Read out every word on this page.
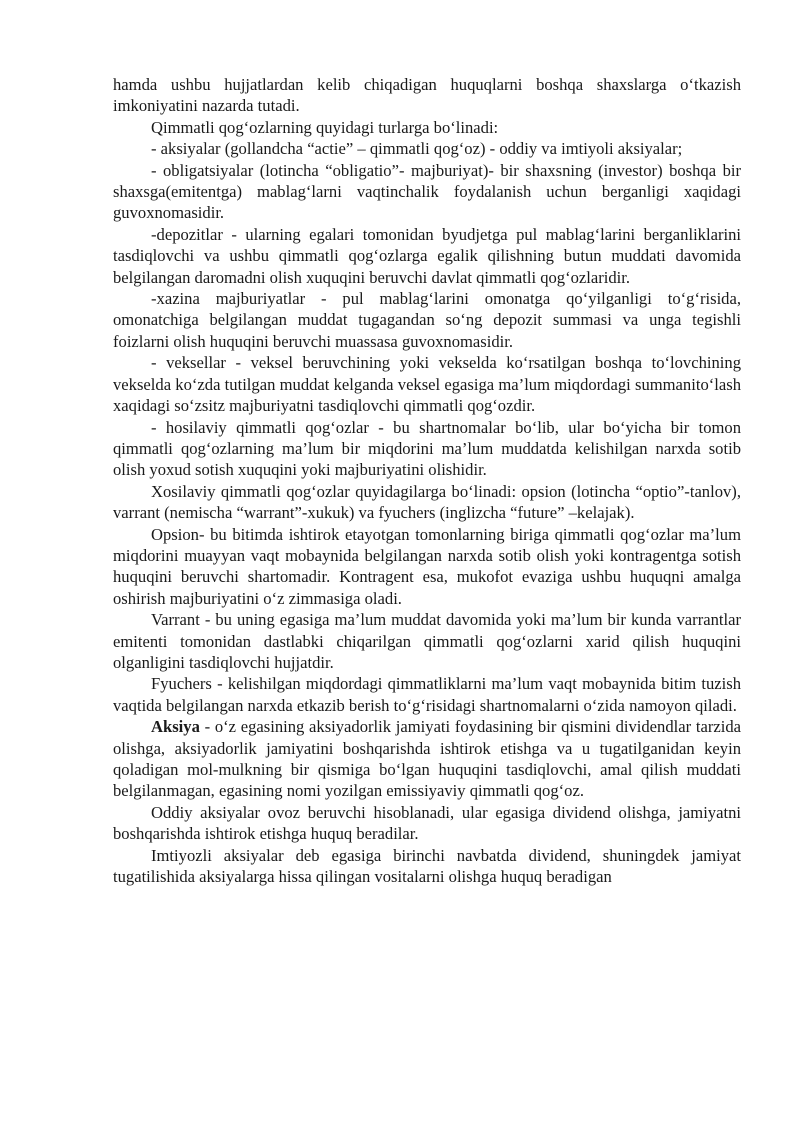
hamda ushbu hujjatlardan kelib chiqadigan huquqlarni boshqa shaxslarga o‘tkazish imkoniyatini nazarda tutadi.

Qimmatli qog‘ozlarning quyidagi turlarga bo‘linadi:

- aksiyalar (gollandcha “actie” – qimmatli qog‘oz) - oddiy va imtiyoli aksiyalar;

- obligatsiyalar (lotincha “obligatio”- majburiyat)- bir shaxsning (investor) boshqa bir shaxsga(emitentga) mablag‘larni vaqtinchalik foydalanish uchun berganligi xaqidagi guvoxnomasidir.

-depozitlar - ularning egalari tomonidan byudjetga pul mablag‘larini berganliklarini tasdiqlovchi va ushbu qimmatli qog‘ozlarga egalik qilishning butun muddati davomida belgilangan daromadni olish xuquqini beruvchi davlat qimmatli qog‘ozlaridir.

-xazina majburiyatlar - pul mablag‘larini omonatga qo‘yilganligi to‘g‘risida, omonatchiga belgilangan muddat tugagandan so‘ng depozit summasi va unga tegishli foizlarni olish huquqini beruvchi muassasa guvoxnomasidir.

- veksellar - veksel beruvchining yoki vekselda ko‘rsatilgan boshqa to‘lovchining vekselda ko‘zda tutilgan muddat kelganda veksel egasiga ma’lum miqdordagi summanito‘lash xaqidagi so‘zsitz majburiyatni tasdiqlovchi qimmatli qog‘ozdir.

- hosilaviy qimmatli qog‘ozlar - bu shartnomalar bo‘lib, ular bo‘yicha bir tomon qimmatli qog‘ozlarning ma’lum bir miqdorini ma’lum muddatda kelishilgan narxda sotib olish yoxud sotish xuquqini yoki majburiyatini olishidir.

Xosilaviy qimmatli qog‘ozlar quyidagilarga bo‘linadi: opsion (lotincha “optio”-tanlov), varrant (nemischa “warrant”-xukuk) va fyuchers (inglizcha “future” –kelajak).

Opsion- bu bitimda ishtirok etayotgan tomonlarning biriga qimmatli qog‘ozlar ma’lum miqdorini muayyan vaqt mobaynida belgilangan narxda sotib olish yoki kontragentga sotish huquqini beruvchi shartomadir. Kontragent esa, mukofot evaziga ushbu huquqni amalga oshirish majburiyatini o‘z zimmasiga oladi.

Varrant - bu uning egasiga ma’lum muddat davomida yoki ma’lum bir kunda varrantlar emitenti tomonidan dastlabki chiqarilgan qimmatli qog‘ozlarni xarid qilish huquqini olganligini tasdiqlovchi hujjatdir.

Fyuchers - kelishilgan miqdordagi qimmatliklarni ma’lum vaqt mobaynida bitim tuzish vaqtida belgilangan narxda etkazib berish to‘g‘risidagi shartnomalarni o‘zida namoyon qiladi.

Aksiya - o‘z egasining aksiyadorlik jamiyati foydasining bir qismini dividendlar tarzida olishga, aksiyadorlik jamiyatini boshqarishda ishtirok etishga va u tugatilganidan keyin qoladigan mol-mulkning bir qismiga bo‘lgan huquqini tasdiqlovchi, amal qilish muddati belgilanmagan, egasining nomi yozilgan emissiyaviy qimmatli qog‘oz.

Oddiy aksiyalar ovoz beruvchi hisoblanadi, ular egasiga dividend olishga, jamiyatni boshqarishda ishtirok etishga huquq beradilar.

Imtiyozli aksiyalar deb egasiga birinchi navbatda dividend, shuningdek jamiyat tugatilishida aksiyalarga hissa qilingan vositalarni olishga huquq beradigan
